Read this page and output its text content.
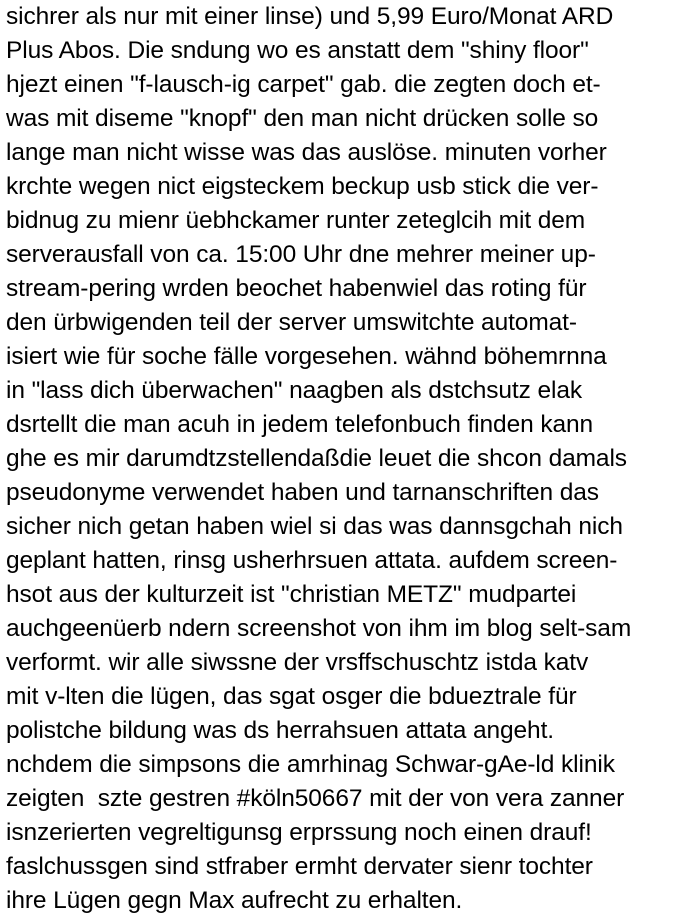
sichrer als nur mit einer linse) und 5,99 Euro/Monat ARD
Plus Abos. Die sndung wo es anstatt dem "shiny floor"
hjezt einen "f-lausch-ig carpet" gab. die zegten doch et-
was mit diseme "knopf" den man nicht drücken solle so
lange man nicht wisse was das auslöse. minuten vorher
krchte wegen nict eigsteckem beckup usb stick die ver-
bidnug zu mienr üebhckamer runter zeteglcih mit dem
serverausfall von ca. 15:00 Uhr dne mehrer meiner up-
stream-pering wrden beochet habenwiel das roting für
den ürbwigenden teil der server umswitchte automat-
isiert wie für soche fälle vorgesehen. wähnd böhemrnna
in "lass dich überwachen" naagben als dstchsutz elak
dsrtellt die man acuh in jedem telefonbuch finden kann
ghe es mir darumdtzstellendaßdie leuet die shcon damals
pseudonyme verwendet haben und tarnanschriften das
sicher nich getan haben wiel si das was dannsgchah nich
geplant hatten, rinsg usherhrsuen attata. aufdem screen-
hsot aus der kulturzeit ist "christian METZ" mudpartei
auchgeenüerb ndern screenshot von ihm im blog selt-sam
verformt. wir alle siwssne der vrsffschuschtz istda katv
mit v-lten die lügen, das sgat osger die bdueztrale für
polistche bildung was ds herrahsuen attata angeht.
nchdem die simpsons die amrhinag Schwar-gAe-ld klinik
zeigten  szte gestren #köln50667 mit der von vera zanner
isnzerierten vegreltigunsg erprssung noch einen drauf!
faslchussgen sind stfraber ermht dervater sienr tochter
ihre Lügen gegn Max aufrecht zu erhalten.
